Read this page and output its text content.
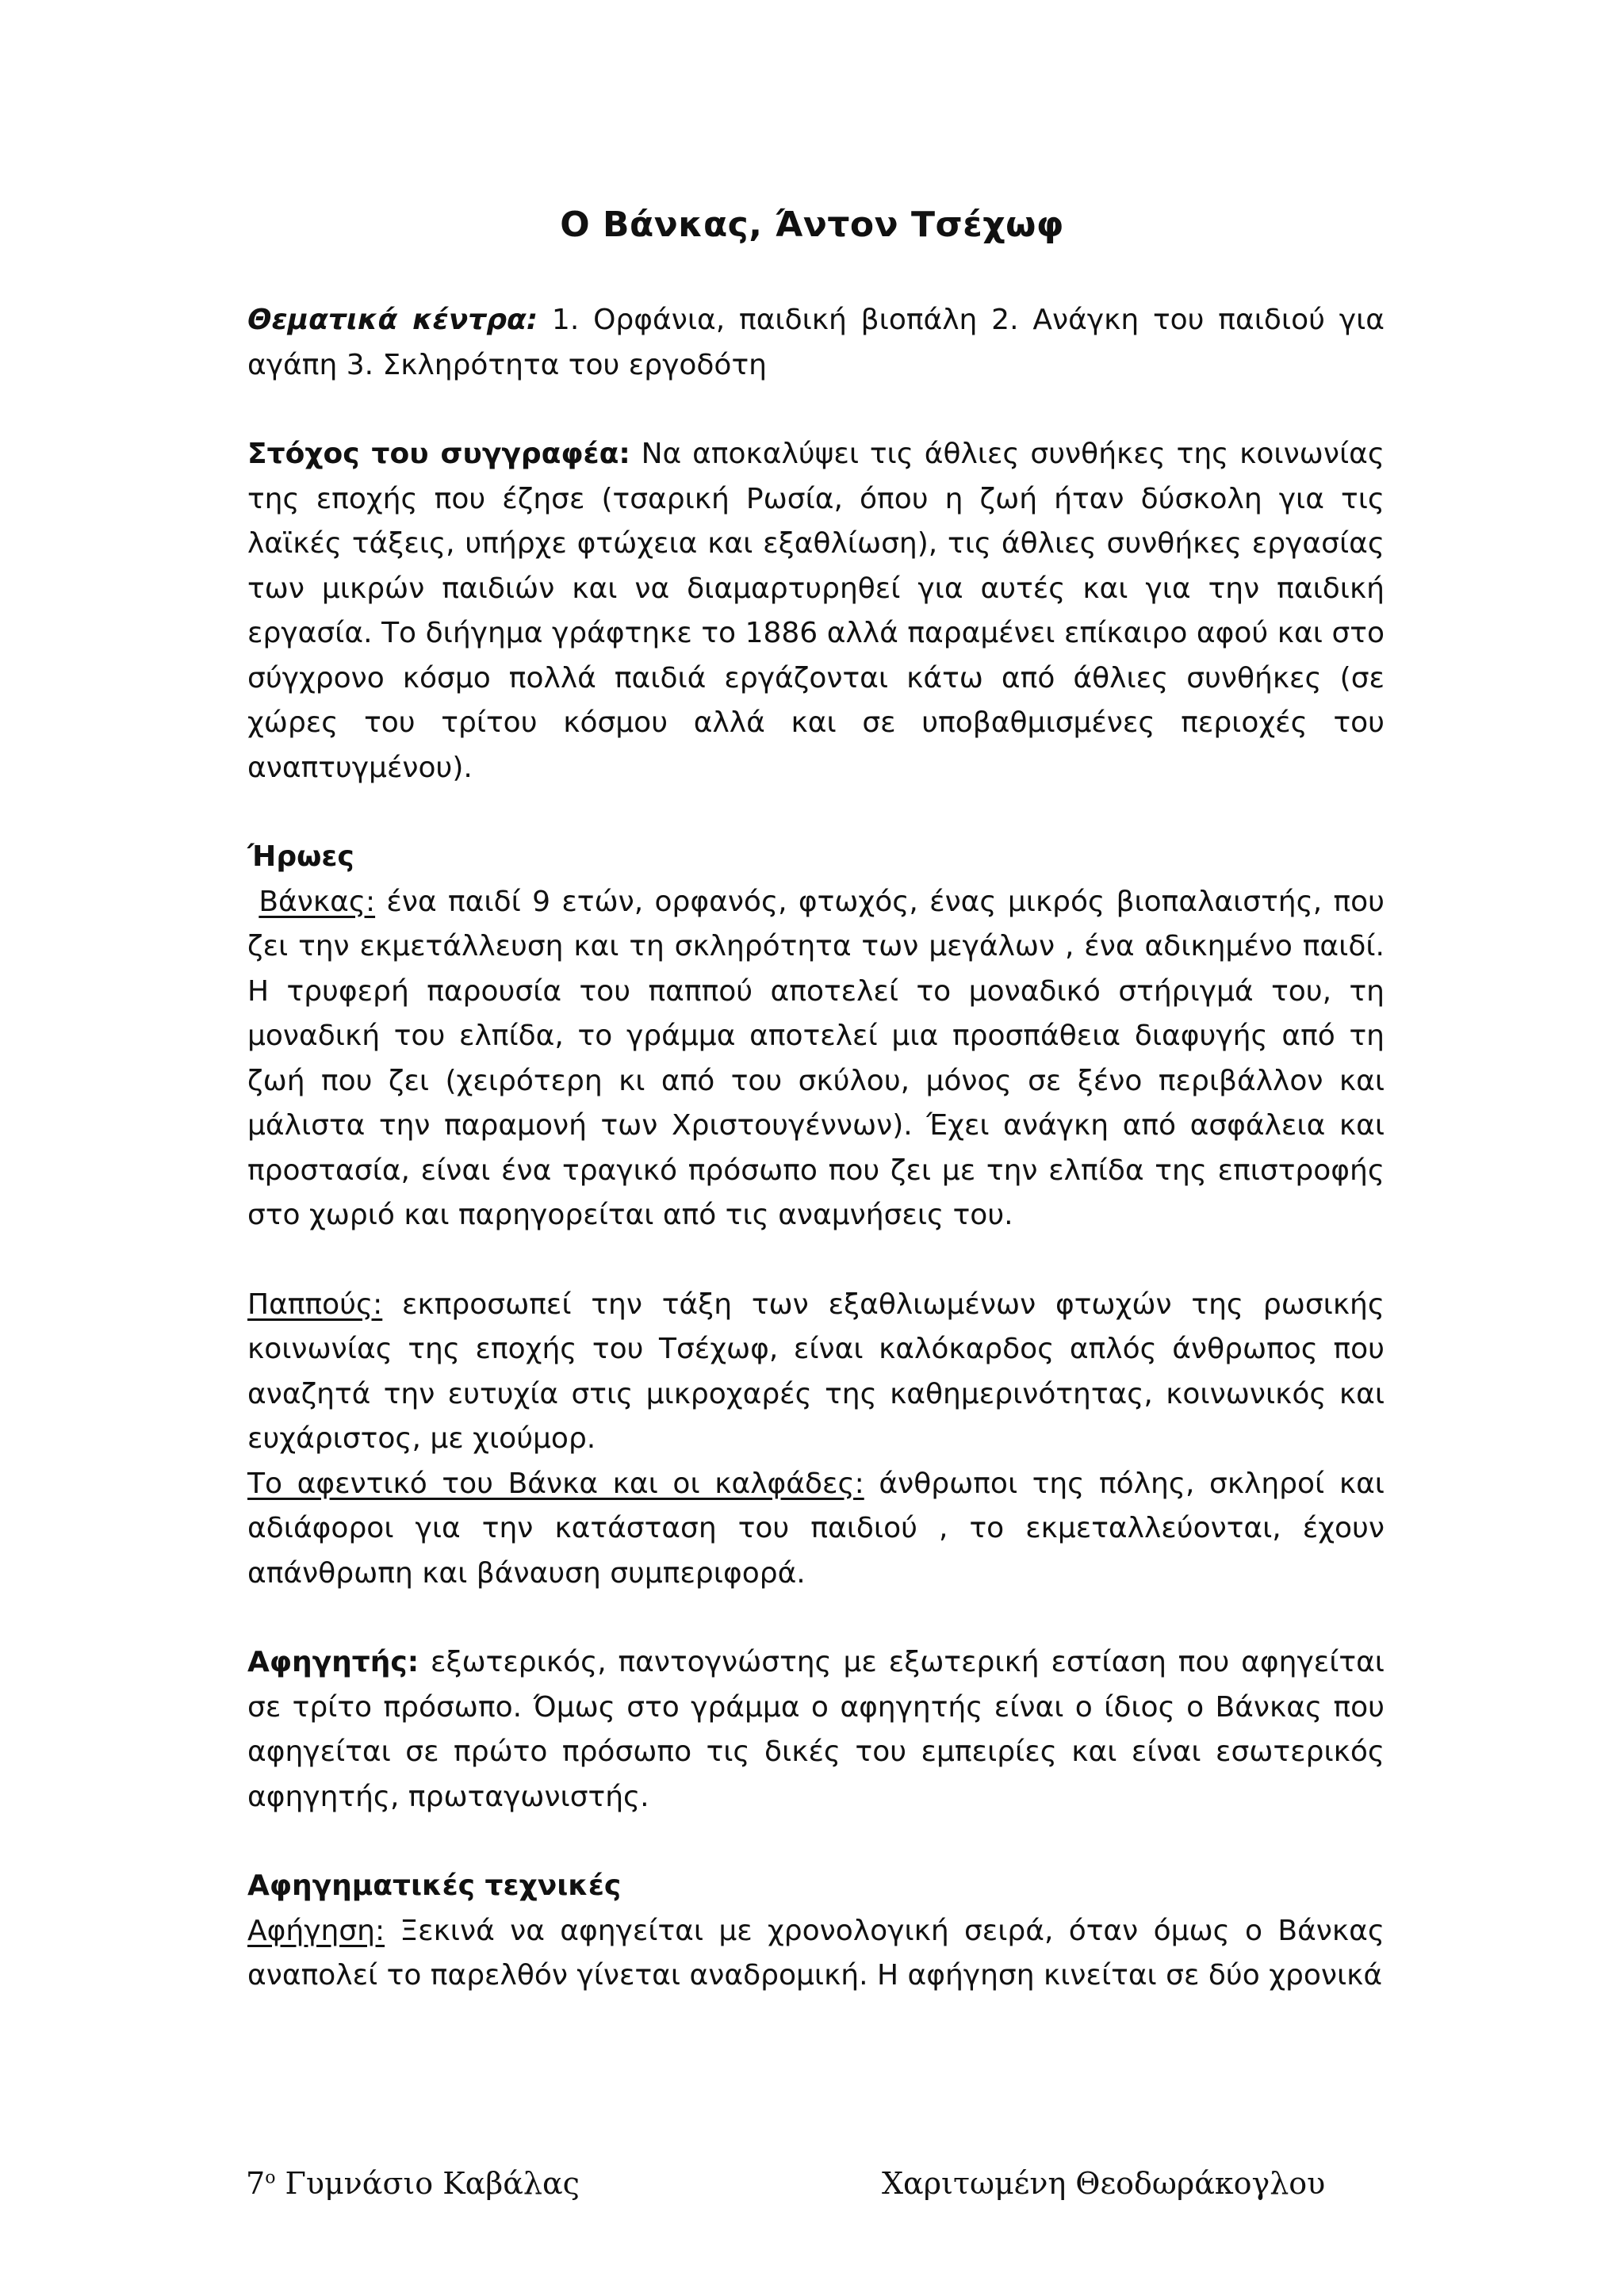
Ο Βάνκας, Άντον Τσέχωφ

Θεματικά κέντρα: 1. Ορφάνια, παιδική βιοπάλη 2. Ανάγκη του παιδιού για αγάπη 3. Σκληρότητα του εργοδότη

Στόχος του συγγραφέα: Να αποκαλύψει τις άθλιες συνθήκες της κοινωνίας της εποχής που έζησε (τσαρική Ρωσία, όπου η ζωή ήταν δύσκολη για τις λαϊκές τάξεις, υπήρχε φτώχεια και εξαθλίωση), τις άθλιες συνθήκες εργασίας των μικρών παιδιών και να διαμαρτυρηθεί για αυτές και για την παιδική εργασία. Το διήγημα γράφτηκε το 1886 αλλά παραμένει επίκαιρο αφού και στο σύγχρονο κόσμο πολλά παιδιά εργάζονται κάτω από άθλιες συνθήκες (σε χώρες του τρίτου κόσμου αλλά και σε υποβαθμισμένες περιοχές του αναπτυγμένου).

Ήρωες

Βάνκας: ένα παιδί 9 ετών, ορφανός, φτωχός, ένας μικρός βιοπαλαιστής, που ζει την εκμετάλλευση και τη σκληρότητα των μεγάλων , ένα αδικημένο παιδί. Η τρυφερή παρουσία του παππού αποτελεί το μοναδικό στήριγμά του, τη μοναδική του ελπίδα, το γράμμα αποτελεί μια προσπάθεια διαφυγής από τη ζωή που ζει (χειρότερη κι από του σκύλου, μόνος σε ξένο περιβάλλον και μάλιστα την παραμονή των Χριστουγέννων). Έχει ανάγκη από ασφάλεια και προστασία, είναι ένα τραγικό πρόσωπο που ζει με την ελπίδα της επιστροφής στο χωριό και παρηγορείται από τις αναμνήσεις του.

Παππούς: εκπροσωπεί την τάξη των εξαθλιωμένων φτωχών της ρωσικής κοινωνίας της εποχής του Τσέχωφ, είναι καλόκαρδος απλός άνθρωπος που αναζητά την ευτυχία στις μικροχαρές της καθημερινότητας, κοινωνικός και ευχάριστος, με χιούμορ.

Το αφεντικό του Βάνκα και οι καλφάδες: άνθρωποι της πόλης, σκληροί και αδιάφοροι για την κατάσταση του παιδιού , το εκμεταλλεύονται, έχουν απάνθρωπη και βάναυση συμπεριφορά.

Αφηγητής: εξωτερικός, παντογνώστης με εξωτερική εστίαση που αφηγείται σε τρίτο πρόσωπο. Όμως στο γράμμα ο αφηγητής είναι ο ίδιος ο Βάνκας που αφηγείται σε πρώτο πρόσωπο τις δικές του εμπειρίες και είναι εσωτερικός αφηγητής, πρωταγωνιστής.

Αφηγηματικές τεχνικές

Αφήγηση: Ξεκινά να αφηγείται με χρονολογική σειρά, όταν όμως ο Βάνκας αναπολεί το παρελθόν γίνεται αναδρομική. Η αφήγηση κινείται σε δύο χρονικά

$7^o$ Γυμνάσιο Καβάλας	Χαριτωμένη Θεοδωράκογλου
